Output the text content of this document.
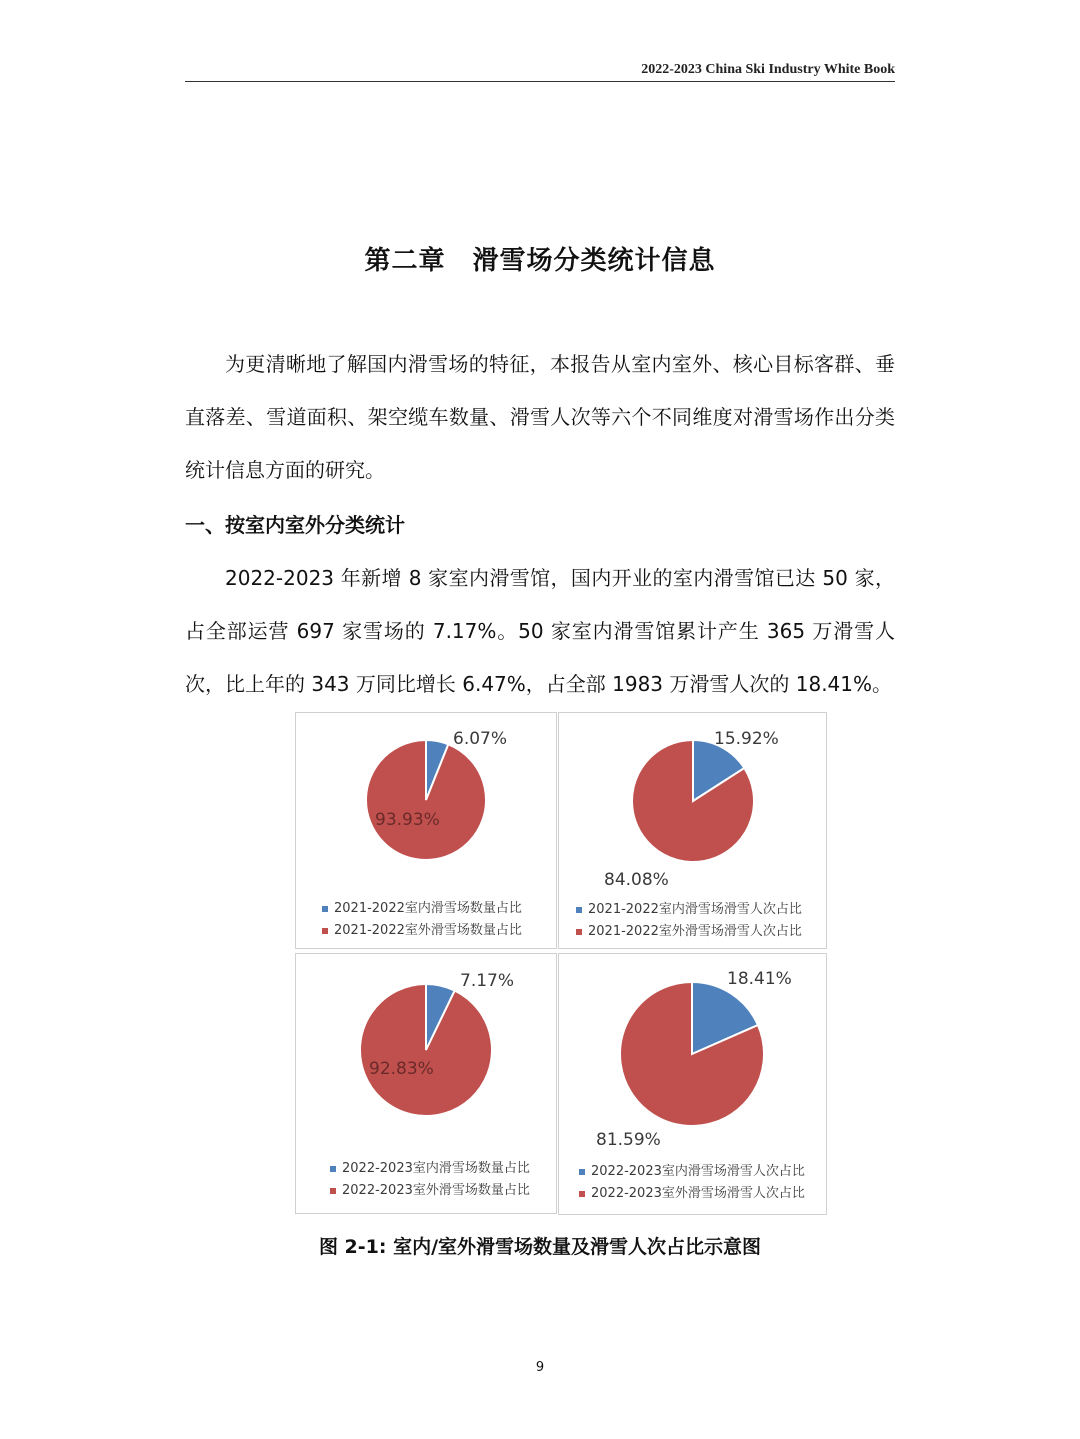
2022-2023 China Ski Industry White Book
第二章　滑雪场分类统计信息

为更清晰地了解国内滑雪场的特征，本报告从室内室外、核心目标客群、垂直落差、雪道面积、架空缆车数量、滑雪人次等六个不同维度对滑雪场作出分类统计信息方面的研究。

一、按室内室外分类统计

2022-2023 年新增 8 家室内滑雪馆，国内开业的室内滑雪馆已达 50 家，占全部运营 697 家雪场的 7.17%。50 家室内滑雪馆累计产生 365 万滑雪人次，比上年的 343 万同比增长 6.47%，占全部 1983 万滑雪人次的 18.41%。

6.07%
93.93%
2021-2022室内滑雪场数量占比
2021-2022室外滑雪场数量占比
15.92%
84.08%
2021-2022室内滑雪场滑雪人次占比
2021-2022室外滑雪场滑雪人次占比
7.17%
92.83%
2022-2023室内滑雪场数量占比
2022-2023室外滑雪场数量占比
18.41%
81.59%
2022-2023室内滑雪场滑雪人次占比
2022-2023室外滑雪场滑雪人次占比
图 2-1: 室内/室外滑雪场数量及滑雪人次占比示意图
9
